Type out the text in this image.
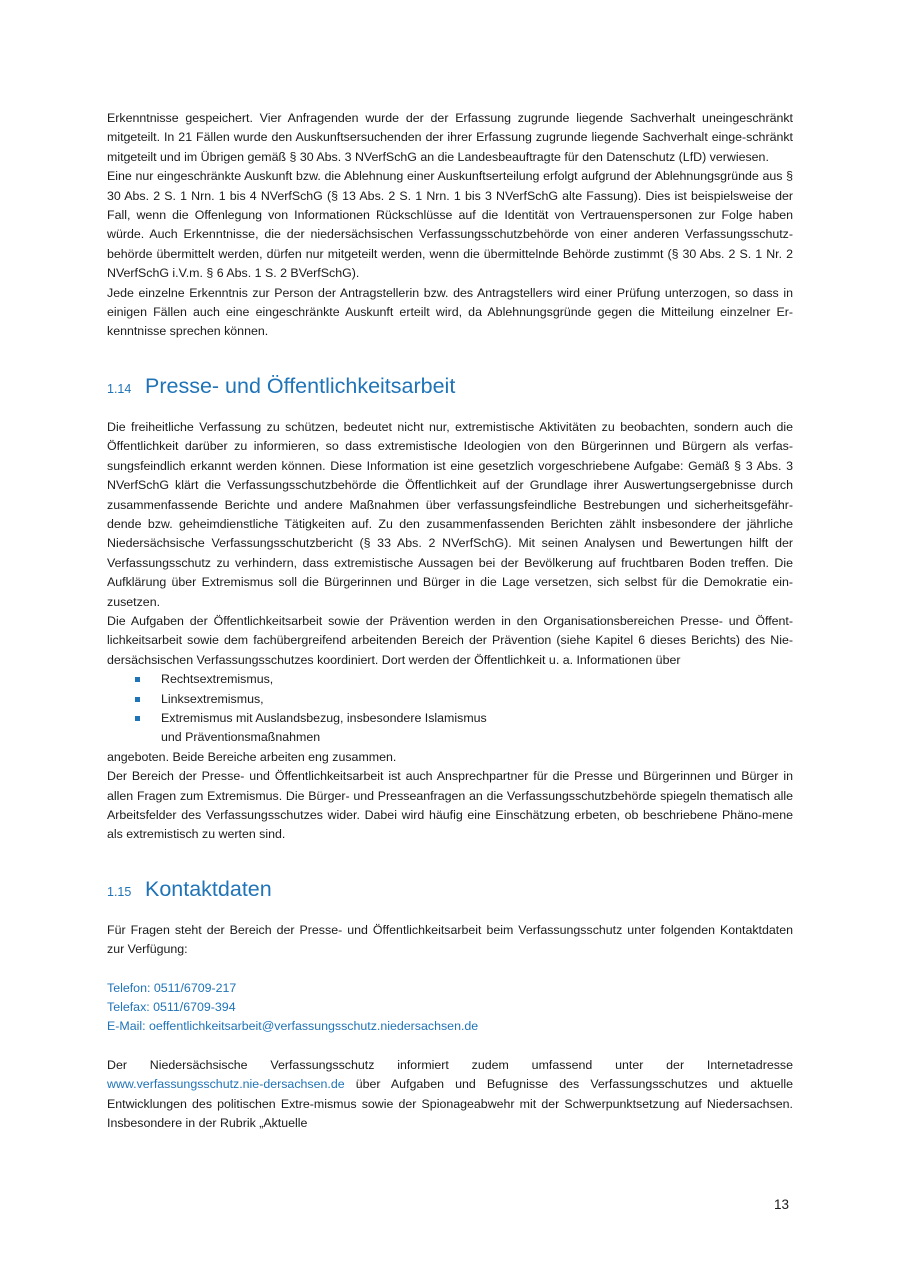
Erkenntnisse gespeichert. Vier Anfragenden wurde der der Erfassung zugrunde liegende Sachverhalt uneingeschränkt mitgeteilt. In 21 Fällen wurde den Auskunftsersuchenden der ihrer Erfassung zugrunde liegende Sachverhalt einge-schränkt mitgeteilt und im Übrigen gemäß § 30 Abs. 3 NVerfSchG an die Landesbeauftragte für den Datenschutz (LfD) verwiesen.

Eine nur eingeschränkte Auskunft bzw. die Ablehnung einer Auskunftserteilung erfolgt aufgrund der Ablehnungsgründe aus § 30 Abs. 2 S. 1 Nrn. 1 bis 4 NVerfSchG (§ 13 Abs. 2 S. 1 Nrn. 1 bis 3 NVerfSchG alte Fassung). Dies ist beispielsweise der Fall, wenn die Offenlegung von Informationen Rückschlüsse auf die Identität von Vertrauenspersonen zur Folge haben würde. Auch Erkenntnisse, die der niedersächsischen Verfassungsschutzbehörde von einer anderen Verfassungsschutz-behörde übermittelt werden, dürfen nur mitgeteilt werden, wenn die übermittelnde Behörde zustimmt (§ 30 Abs. 2 S. 1 Nr. 2 NVerfSchG i.V.m. § 6 Abs. 1 S. 2 BVerfSchG).

Jede einzelne Erkenntnis zur Person der Antragstellerin bzw. des Antragstellers wird einer Prüfung unterzogen, so dass in einigen Fällen auch eine eingeschränkte Auskunft erteilt wird, da Ablehnungsgründe gegen die Mitteilung einzelner Er-kenntnisse sprechen können.

1.14 Presse- und Öffentlichkeitsarbeit

Die freiheitliche Verfassung zu schützen, bedeutet nicht nur, extremistische Aktivitäten zu beobachten, sondern auch die Öffentlichkeit darüber zu informieren, so dass extremistische Ideologien von den Bürgerinnen und Bürgern als verfas-sungsfeindlich erkannt werden können. Diese Information ist eine gesetzlich vorgeschriebene Aufgabe: Gemäß § 3 Abs. 3 NVerfSchG klärt die Verfassungsschutzbehörde die Öffentlichkeit auf der Grundlage ihrer Auswertungsergebnisse durch zusammenfassende Berichte und andere Maßnahmen über verfassungsfeindliche Bestrebungen und sicherheitsgefähr-dende bzw. geheimdienstliche Tätigkeiten auf. Zu den zusammenfassenden Berichten zählt insbesondere der jährliche Niedersächsische Verfassungsschutzbericht (§ 33 Abs. 2 NVerfSchG). Mit seinen Analysen und Bewertungen hilft der Verfassungsschutz zu verhindern, dass extremistische Aussagen bei der Bevölkerung auf fruchtbaren Boden treffen. Die Aufklärung über Extremismus soll die Bürgerinnen und Bürger in die Lage versetzen, sich selbst für die Demokratie ein-zusetzen.

Die Aufgaben der Öffentlichkeitsarbeit sowie der Prävention werden in den Organisationsbereichen Presse- und Öffent-lichkeitsarbeit sowie dem fachübergreifend arbeitenden Bereich der Prävention (siehe Kapitel 6 dieses Berichts) des Nie-dersächsischen Verfassungsschutzes koordiniert. Dort werden der Öffentlichkeit u. a. Informationen über

Rechtsextremismus,
Linksextremismus,
Extremismus mit Auslandsbezug, insbesondere Islamismus
und Präventionsmaßnahmen

angeboten. Beide Bereiche arbeiten eng zusammen.

Der Bereich der Presse- und Öffentlichkeitsarbeit ist auch Ansprechpartner für die Presse und Bürgerinnen und Bürger in allen Fragen zum Extremismus. Die Bürger- und Presseanfragen an die Verfassungsschutzbehörde spiegeln thematisch alle Arbeitsfelder des Verfassungsschutzes wider. Dabei wird häufig eine Einschätzung erbeten, ob beschriebene Phäno-mene als extremistisch zu werten sind.

1.15 Kontaktdaten

Für Fragen steht der Bereich der Presse- und Öffentlichkeitsarbeit beim Verfassungsschutz unter folgenden Kontaktdaten zur Verfügung:

Telefon: 0511/6709-217

Telefax: 0511/6709-394

E-Mail: oeffentlichkeitsarbeit@verfassungsschutz.niedersachsen.de

Der Niedersächsische Verfassungsschutz informiert zudem umfassend unter der Internetadresse www.verfassungsschutz.nie-dersachsen.de über Aufgaben und Befugnisse des Verfassungsschutzes und aktuelle Entwicklungen des politischen Extre-mismus sowie der Spionageabwehr mit der Schwerpunktsetzung auf Niedersachsen. Insbesondere in der Rubrik „Aktuelle

13
